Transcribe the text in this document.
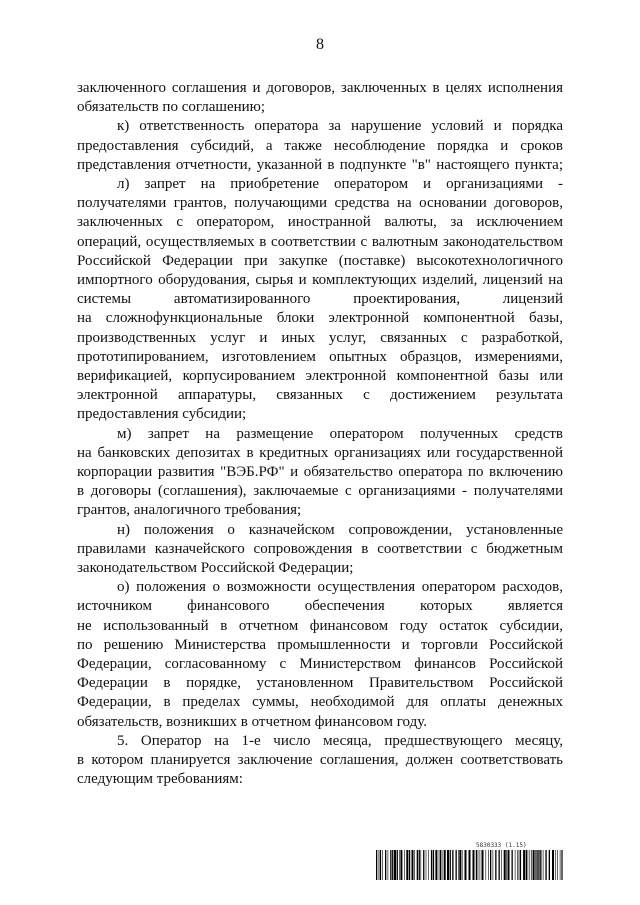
8
заключенного соглашения и договоров, заключенных в целях исполнения
обязательств по соглашению;
к) ответственность оператора за нарушение условий и порядка
предоставления субсидий, а также несоблюдение порядка и сроков
представления отчетности, указанной в подпункте "в" настоящего пункта;
л) запрет на приобретение оператором и организациями -
получателями грантов, получающими средства на основании договоров,
заключенных с оператором, иностранной валюты, за исключением
операций, осуществляемых в соответствии с валютным законодательством
Российской Федерации при закупке (поставке) высокотехнологичного
импортного оборудования, сырья и комплектующих изделий, лицензий на
системы автоматизированного проектирования, лицензий
на сложнофункциональные блоки электронной компонентной базы,
производственных услуг и иных услуг, связанных с разработкой,
прототипированием, изготовлением опытных образцов, измерениями,
верификацией, корпусированием электронной компонентной базы или
электронной аппаратуры, связанных с достижением результата
предоставления субсидии;
м) запрет на размещение оператором полученных средств
на банковских депозитах в кредитных организациях или государственной
корпорации развития "ВЭБ.РФ" и обязательство оператора по включению
в договоры (соглашения), заключаемые с организациями - получателями
грантов, аналогичного требования;
н) положения о казначейском сопровождении, установленные
правилами казначейского сопровождения в соответствии с бюджетным
законодательством Российской Федерации;
о) положения о возможности осуществления оператором расходов,
источником финансового обеспечения которых является
не использованный в отчетном финансовом году остаток субсидии,
по решению Министерства промышленности и торговли Российской
Федерации, согласованному с Министерством финансов Российской
Федерации в порядке, установленном Правительством Российской
Федерации, в пределах суммы, необходимой для оплаты денежных
обязательств, возникших в отчетном финансовом году.
5. Оператор на 1-е число месяца, предшествующего месяцу,
в котором планируется заключение соглашения, должен соответствовать
следующим требованиям:
5830333 (1.15)
